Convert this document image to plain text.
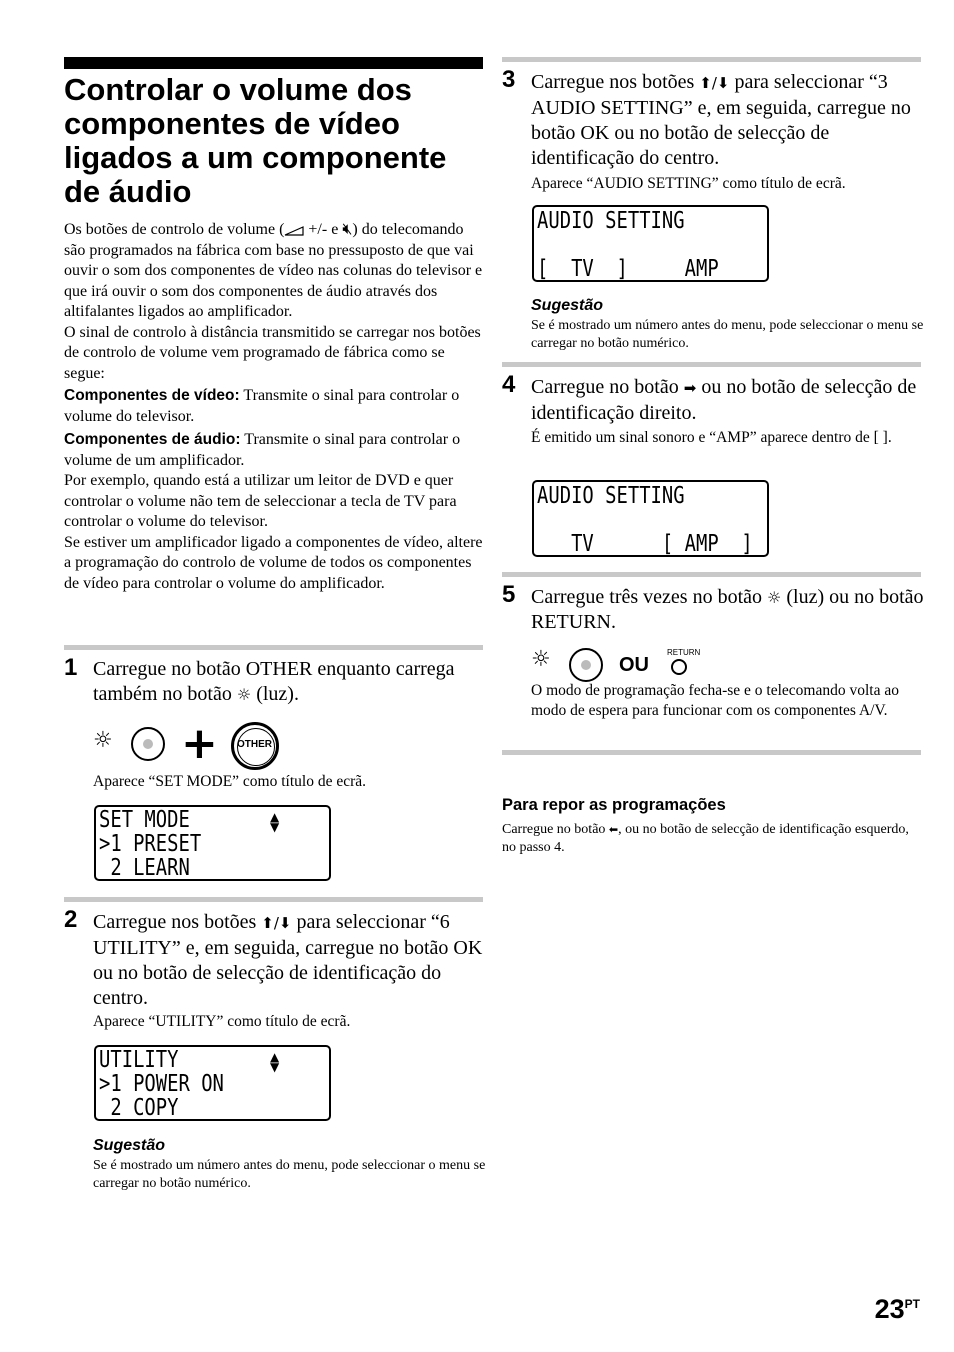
Controlar o volume dos componentes de vídeo ligados a um componente de áudio
Os botões de controlo de volume ( +/- e 🔇︎) do telecomando são programados na fábrica com base no pressuposto de que vai ouvir o som dos componentes de vídeo nas colunas do televisor e que irá ouvir o som dos componentes de áudio através dos altifalantes ligados ao amplificador.
O sinal de controlo à distância transmitido se carregar nos botões de controlo de volume vem programado de fábrica como se segue:
Componentes de vídeo: Transmite o sinal para controlar o volume do televisor.
Componentes de áudio: Transmite o sinal para controlar o volume de um amplificador.
Por exemplo, quando está a utilizar um leitor de DVD e quer controlar o volume não tem de seleccionar a tecla de TV para controlar o volume do televisor.
Se estiver um amplificador ligado a componentes de vídeo, altere a programação do controlo de volume de todos os componentes de vídeo para controlar o volume do amplificador.
1 Carregue no botão OTHER enquanto carrega também no botão ☼ (luz).
☼ + OTHER
Aparece “SET MODE” como título de ecrã.
SET MODE
>1 PRESET
2 LEARN
▲
▼
2 Carregue nos botões ⬆/⬇ para seleccionar “6 UTILITY” e, em seguida, carregue no botão OK ou no botão de selecção de identificação do centro.
Aparece “UTILITY” como título de ecrã.
UTILITY
>1 POWER ON
2 COPY
▲
▼
Sugestão
Se é mostrado um número antes do menu, pode seleccionar o menu se carregar no botão numérico.
3 Carregue nos botões ⬆/⬇ para seleccionar “3 AUDIO SETTING” e, em seguida, carregue no botão OK ou no botão de selecção de identificação do centro.
Aparece “AUDIO SETTING” como título de ecrã.
AUDIO SETTING
[  TV  ]     AMP
Sugestão
Se é mostrado um número antes do menu, pode seleccionar o menu se carregar no botão numérico.
4 Carregue no botão ➡ ou no botão de selecção de identificação direito.
É emitido um sinal sonoro e “AMP” aparece dentro de [ ].
AUDIO SETTING
TV      [ AMP  ]
5 Carregue três vezes no botão ☼ (luz) ou no botão RETURN.
☼	OU
RETURN
O modo de programação fecha-se e o telecomando volta ao modo de espera para funcionar com os componentes A/V.
Para repor as programações
Carregue no botão ⬅, ou no botão de selecção de identificação esquerdo, no passo 4.
$23^{PT}$
